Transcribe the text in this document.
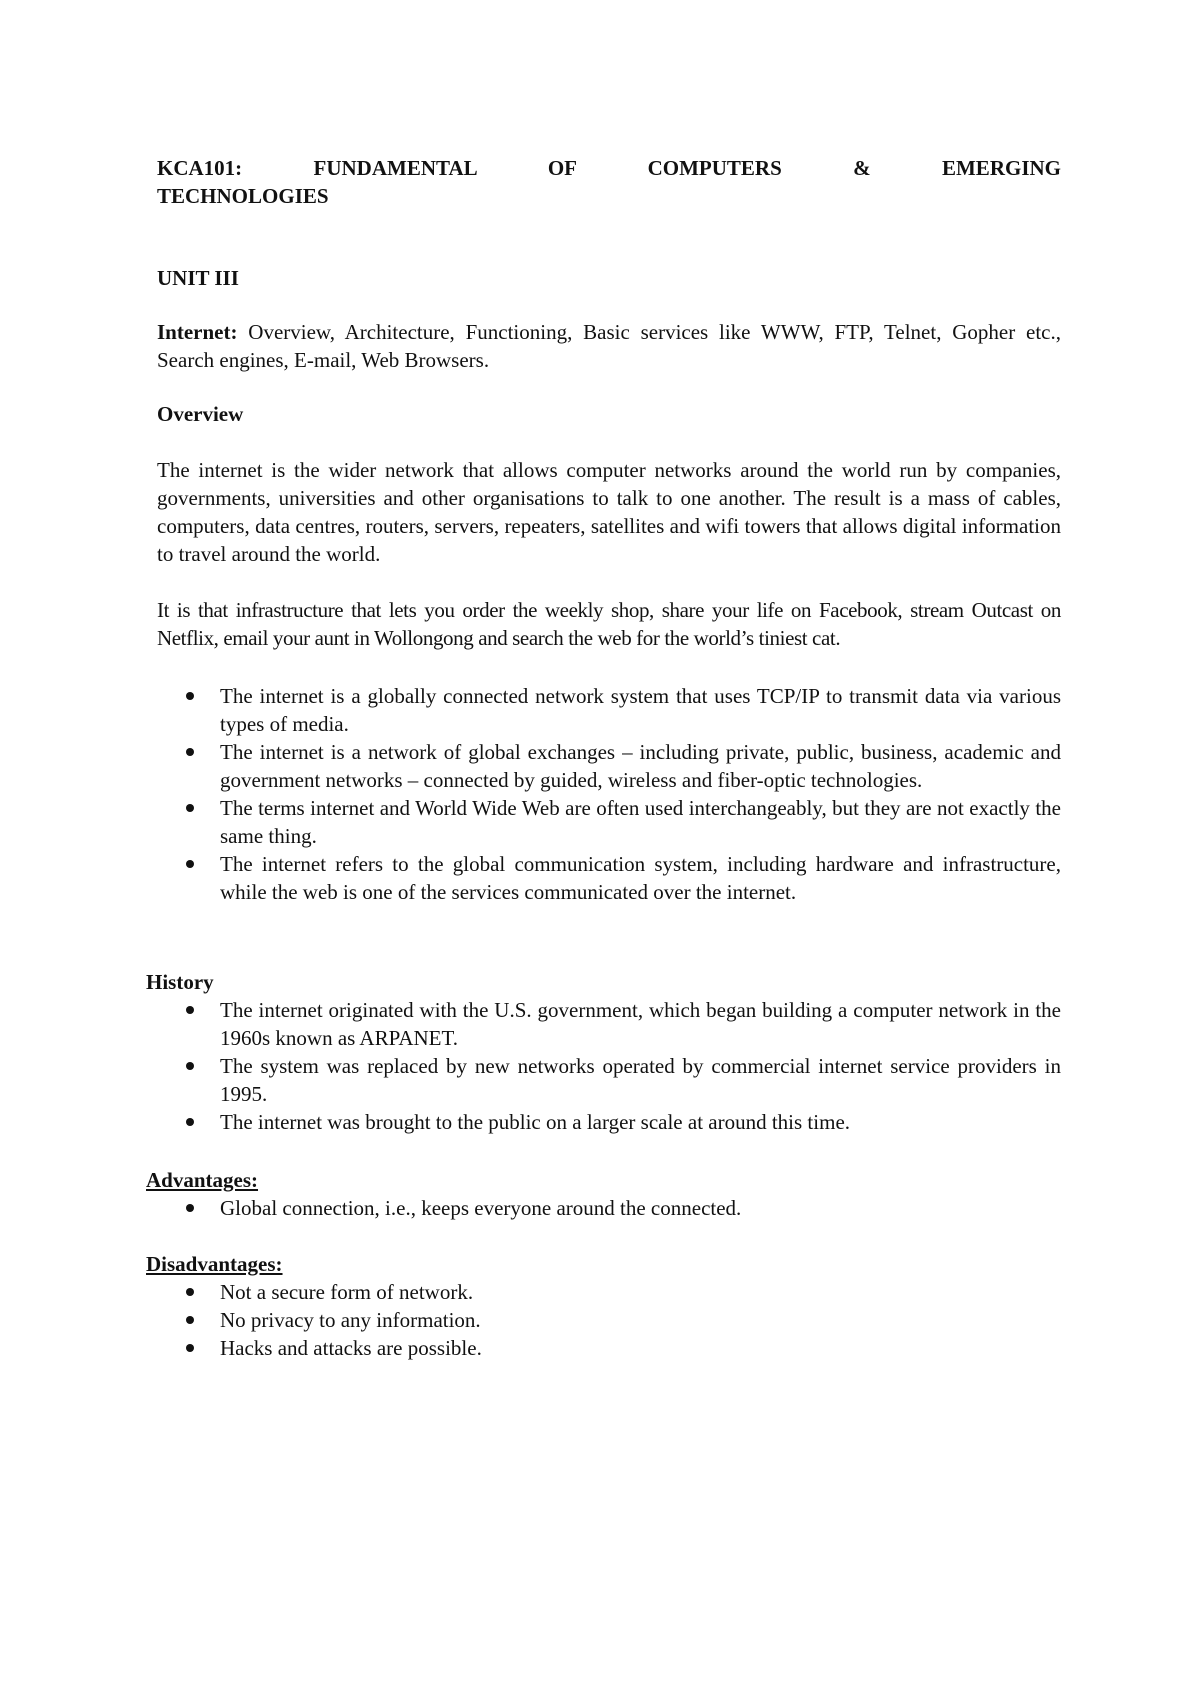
KCA101: FUNDAMENTAL OF COMPUTERS & EMERGING
TECHNOLOGIES
UNIT III
Internet: Overview, Architecture, Functioning, Basic services like WWW, FTP, Telnet, Gopher etc., Search engines, E-mail, Web Browsers.
Overview
The internet is the wider network that allows computer networks around the world run by companies, governments, universities and other organisations to talk to one another. The result is a mass of cables, computers, data centres, routers, servers, repeaters, satellites and wifi towers that allows digital information to travel around the world.
It is that infrastructure that lets you order the weekly shop, share your life on Facebook, stream Outcast on Netflix, email your aunt in Wollongong and search the web for the world’s tiniest cat.
The internet is a globally connected network system that uses TCP/IP to transmit data via various types of media.
The internet is a network of global exchanges – including private, public, business, academic and government networks – connected by guided, wireless and fiber-optic technologies.
The terms internet and World Wide Web are often used interchangeably, but they are not exactly the same thing.
The internet refers to the global communication system, including hardware and infrastructure, while the web is one of the services communicated over the internet.
History
The internet originated with the U.S. government, which began building a computer network in the 1960s known as ARPANET.
The system was replaced by new networks operated by commercial internet service providers in 1995.
The internet was brought to the public on a larger scale at around this time.
Advantages:
Global connection, i.e., keeps everyone around the connected.
Disadvantages:
Not a secure form of network.
No privacy to any information.
Hacks and attacks are possible.
